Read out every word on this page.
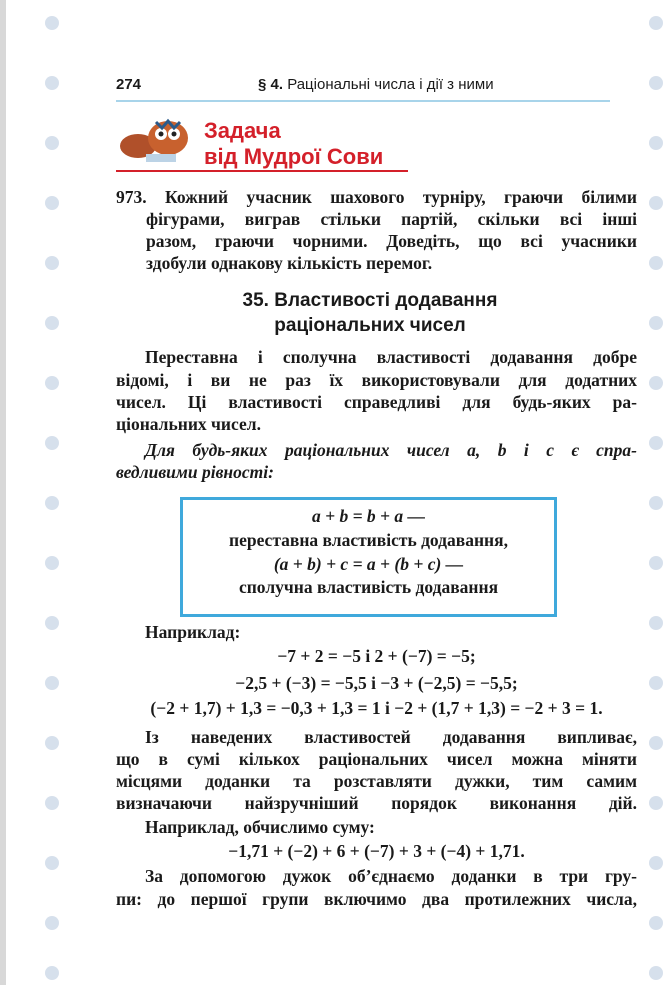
274	§ 4. Раціональні числа і дії з ними
Задача
від Мудрої Сови
35. Властивості додавання
раціональних чисел
973. Кожний учасник шахового турніру, граючи білими
фігурами, виграв стільки партій, скільки всі інші
разом, граючи чорними. Доведіть, що всі учасники
здобули однакову кількість перемог.
Переставна і сполучна властивості додавання добре
відомі, і ви не раз їх використовували для додатних
чисел. Ці властивості справедливі для будь-яких ра-
ціональних чисел.
Для будь-яких раціональних чисел a, b і c є спра-
ведливими рівності:
a + b = b + a —
переставна властивість додавання,
(a + b) + c = a + (b + c) —
сполучна властивість додавання
Наприклад:
−7 + 2 = −5 і 2 + (−7) = −5;
−2,5 + (−3) = −5,5 і −3 + (−2,5) = −5,5;
(−2 + 1,7) + 1,3 = −0,3 + 1,3 = 1 і −2 + (1,7 + 1,3) = −2 + 3 = 1.
Із наведених властивостей додавання випливає,
що в сумі кількох раціональних чисел можна міняти
місцями доданки та розставляти дужки, тим самим
визначаючи найзручніший порядок виконання дій.
Наприклад, обчислимо суму:
−1,71 + (−2) + 6 + (−7) + 3 + (−4) + 1,71.
За допомогою дужок об’єднаємо доданки в три гру-
пи: до першої групи включимо два протилежних числа,
